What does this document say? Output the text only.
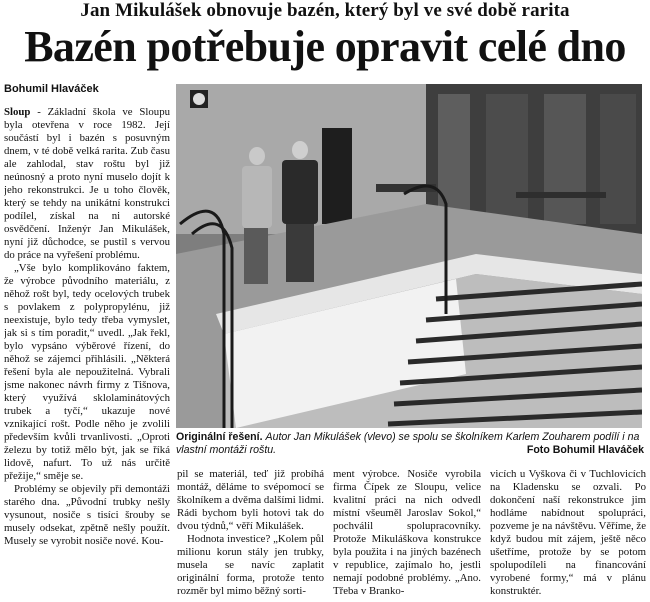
Jan Mikulášek obnovuje bazén, který byl ve své době rarita
Bazén potřebuje opravit celé dno
Bohumil Hlaváček

Sloup - Základní škola ve Sloupu byla otevřena v roce 1982. Její součástí byl i bazén s posuvným dnem, v té době velká rarita. Zub času ale zahlodal, stav roštu byl již neúnosný a proto nyní muselo dojít k jeho rekonstrukci. Je u toho člověk, který se tehdy na unikátní konstrukci podílel, získal na ni autorské osvědčení. Inženýr Jan Mikulášek, nyní již důchodce, se pustil s vervou do práce na vyřešení problému.

„Vše bylo komplikováno faktem, že výrobce původního materiálu, z něhož rošt byl, tedy ocelových trubek s povlakem z polypropylénu, již neexistuje, bylo tedy třeba vymyslet, jak si s tím poradit,“ uvedl. „Jak řekl, bylo vypsáno výběrové řízení, do něhož se zájemci přihlásili. „Některá řešení byla ale nepoužitelná. Vybrali jsme nakonec návrh firmy z Tišnova, který využívá sklolaminátových trubek a tyčí,“ ukazuje nové vznikající rošt. Podle něho je zvolili především kvůli trvanlivosti. „Oproti železu by totiž mělo být, jak se říká lidově, nafurt. To už nás určitě přežije,“ směje se.

Problémy se objevily při demontáži starého dna. „Původní trubky nešly vysunout, nosiče s tisíci šrouby se musely odsekat, zpětně nešly použít. Musely se vyrobit nosiče nové. Kou-

Originální řešení. Autor Jan Mikulášek (vlevo) se spolu se školníkem Karlem Zouharem podílí i na vlastní montáži roštu.	Foto Bohumil Hlaváček

pil se materiál, teď již probíhá montáž, děláme to svépomocí se školníkem a dvěma dalšími lidmi. Rádi bychom byli hotovi tak do dvou týdnů,“ věří Mikulášek.

Hodnota investice? „Kolem půl milionu korun stály jen trubky, musela se navíc zaplatit originální forma, protože tento rozměr byl mimo běžný sorti-

ment výrobce. Nosiče vyrobila firma Čípek ze Sloupu, velice kvalitní práci na nich odvedl místní všeuměl Jaroslav Sokol,“ pochválil spolupracovníky. Protože Mikuláškova konstrukce byla použita i na jiných bazénech v republice, zajímalo ho, jestli nemají podobné problémy. „Ano. Třeba v Branko-

vicích u Vyškova či v Tuchlovicích na Kladensku se ozvali. Po dokončení naší rekonstrukce jim hodláme nabídnout spolupráci, pozveme je na návštěvu. Věříme, že když budou mít zájem, ještě něco ušetříme, protože by se potom spolupodíleli na financování vyrobené formy,“ má v plánu konstruktér.
